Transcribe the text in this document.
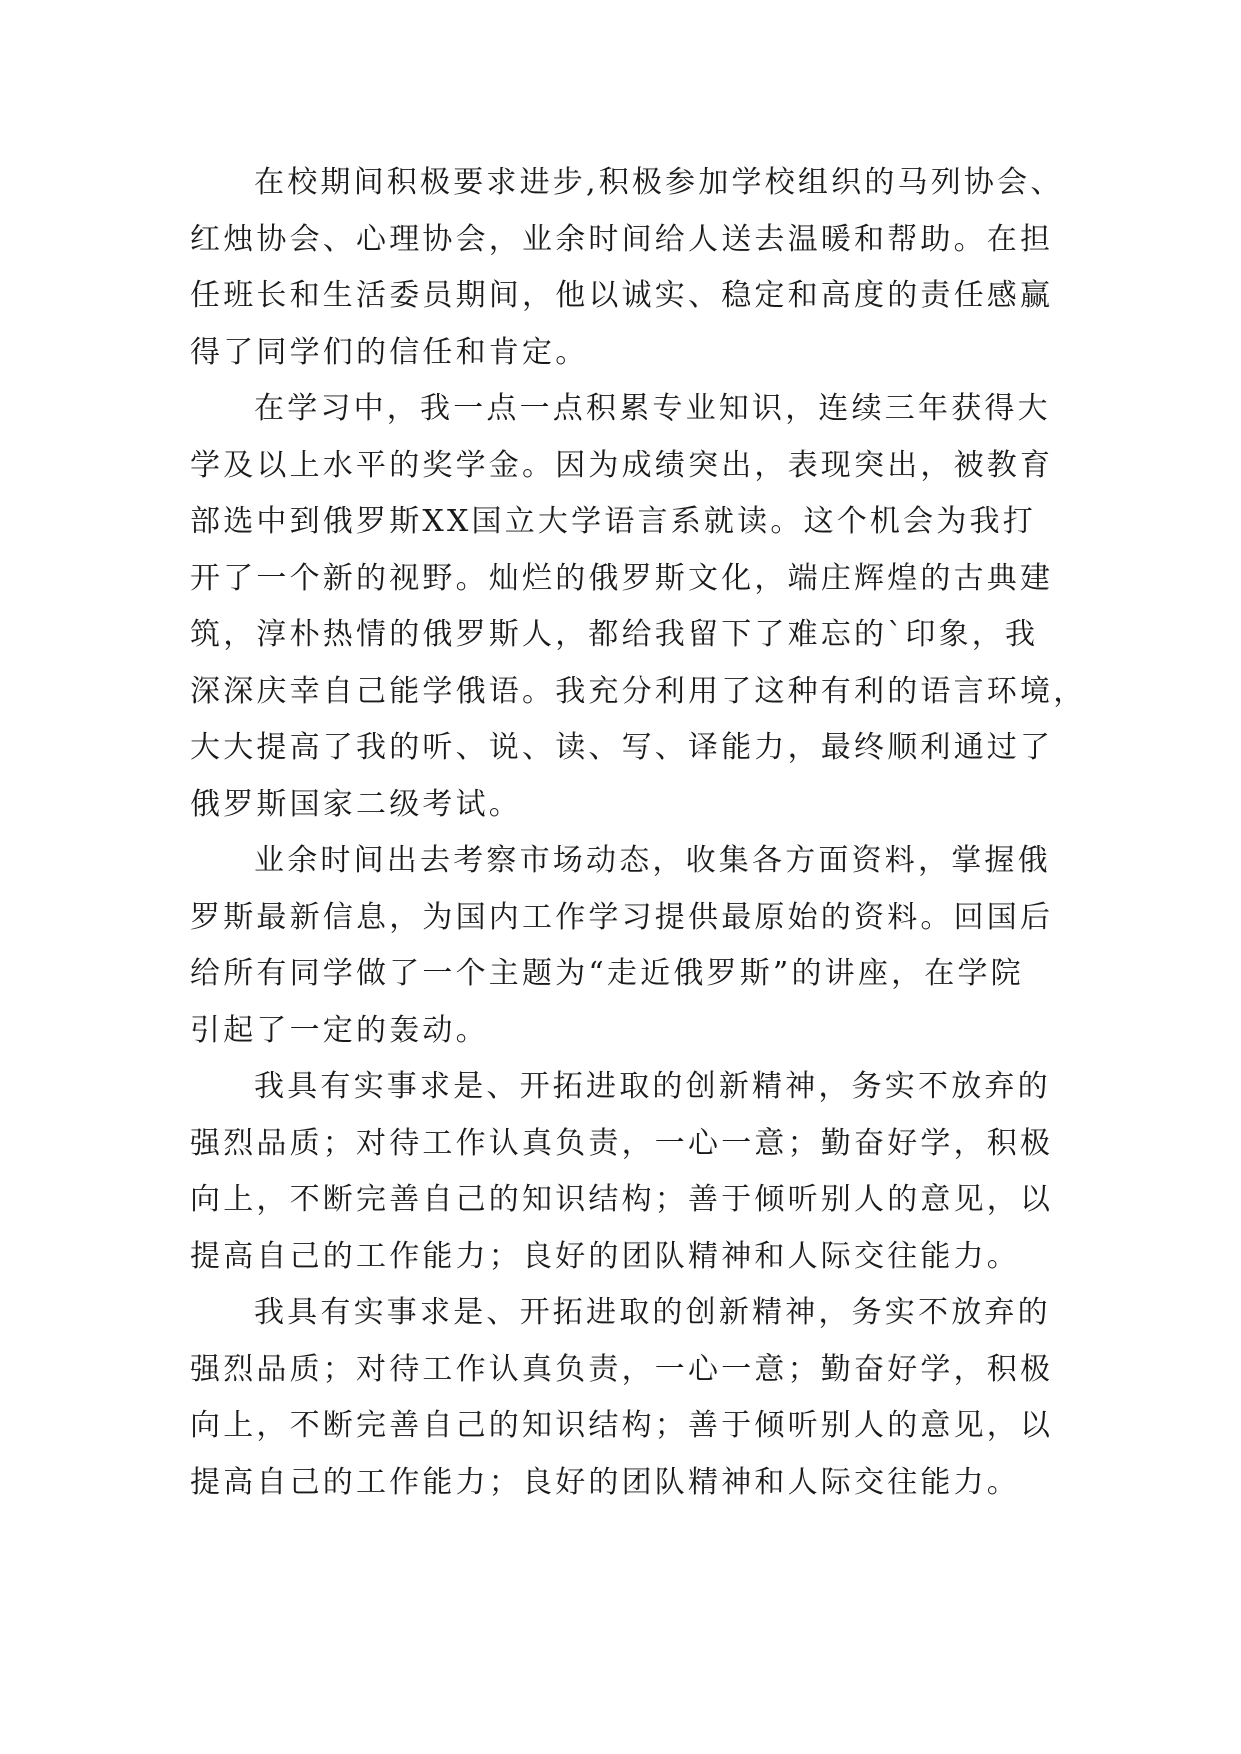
在校期间积极要求进步,积极参加学校组织的马列协会、
红烛协会、心理协会，业余时间给人送去温暖和帮助。在担
任班长和生活委员期间，他以诚实、稳定和高度的责任感赢
得了同学们的信任和肯定。
在学习中，我一点一点积累专业知识，连续三年获得大
学及以上水平的奖学金。因为成绩突出，表现突出，被教育
部选中到俄罗斯XX国立大学语言系就读。这个机会为我打
开了一个新的视野。灿烂的俄罗斯文化，端庄辉煌的古典建
筑，淳朴热情的俄罗斯人，都给我留下了难忘的`印象，我
深深庆幸自己能学俄语。我充分利用了这种有利的语言环境，
大大提高了我的听、说、读、写、译能力，最终顺利通过了
俄罗斯国家二级考试。
业余时间出去考察市场动态，收集各方面资料，掌握俄
罗斯最新信息，为国内工作学习提供最原始的资料。回国后
给所有同学做了一个主题为“走近俄罗斯”的讲座，在学院
引起了一定的轰动。
我具有实事求是、开拓进取的创新精神，务实不放弃的
强烈品质；对待工作认真负责，一心一意；勤奋好学，积极
向上，不断完善自己的知识结构；善于倾听别人的意见，以
提高自己的工作能力；良好的团队精神和人际交往能力。
我具有实事求是、开拓进取的创新精神，务实不放弃的
强烈品质；对待工作认真负责，一心一意；勤奋好学，积极
向上，不断完善自己的知识结构；善于倾听别人的意见，以
提高自己的工作能力；良好的团队精神和人际交往能力。
